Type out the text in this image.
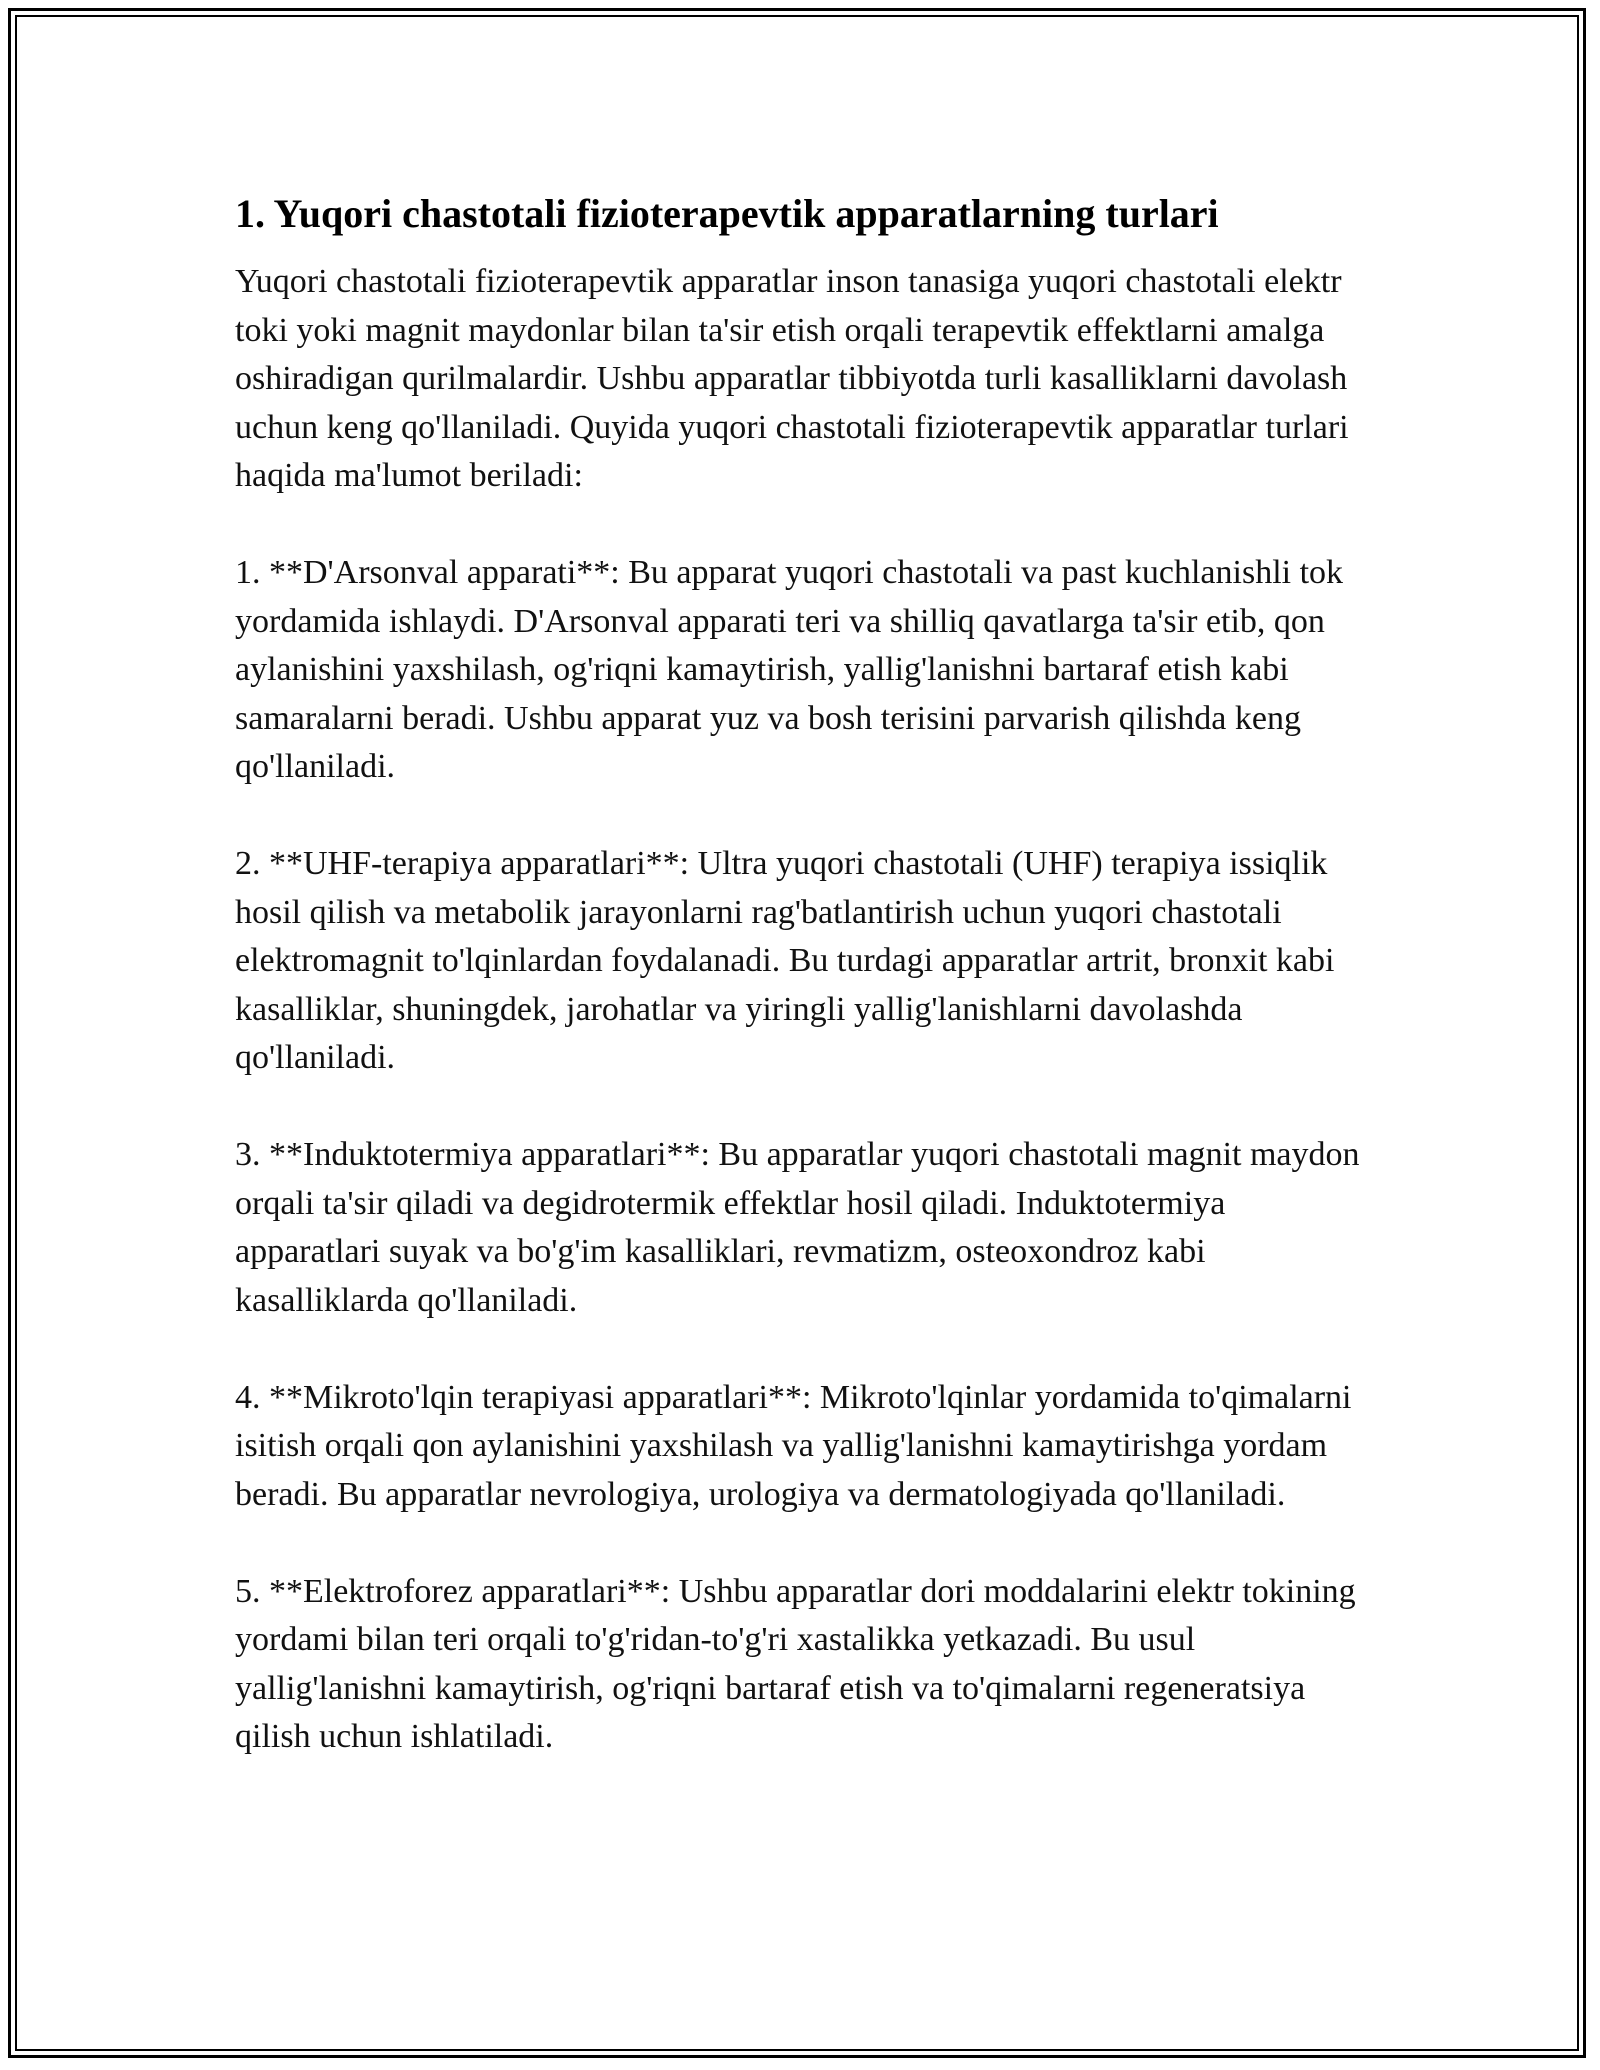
1. Yuqori chastotali fizioterapevtik apparatlarning turlari

Yuqori chastotali fizioterapevtik apparatlar inson tanasiga yuqori chastotali elektr toki yoki magnit maydonlar bilan ta'sir etish orqali terapevtik effektlarni amalga oshiradigan qurilmalardir. Ushbu apparatlar tibbiyotda turli kasalliklarni davolash uchun keng qo'llaniladi. Quyida yuqori chastotali fizioterapevtik apparatlar turlari haqida ma'lumot beriladi:

1. **D'Arsonval apparati**: Bu apparat yuqori chastotali va past kuchlanishli tok yordamida ishlaydi. D'Arsonval apparati teri va shilliq qavatlarga ta'sir etib, qon aylanishini yaxshilash, og'riqni kamaytirish, yallig'lanishni bartaraf etish kabi samaralarni beradi. Ushbu apparat yuz va bosh terisini parvarish qilishda keng qo'llaniladi.

2. **UHF-terapiya apparatlari**: Ultra yuqori chastotali (UHF) terapiya issiqlik hosil qilish va metabolik jarayonlarni rag'batlantirish uchun yuqori chastotali elektromagnit to'lqinlardan foydalanadi. Bu turdagi apparatlar artrit, bronxit kabi kasalliklar, shuningdek, jarohatlar va yiringli yallig'lanishlarni davolashda qo'llaniladi.

3. **Induktotermiya apparatlari**: Bu apparatlar yuqori chastotali magnit maydon orqali ta'sir qiladi va degidrotermik effektlar hosil qiladi. Induktotermiya apparatlari suyak va bo'g'im kasalliklari, revmatizm, osteoxondroz kabi kasalliklarda qo'llaniladi.

4. **Mikroto'lqin terapiyasi apparatlari**: Mikroto'lqinlar yordamida to'qimalarni isitish orqali qon aylanishini yaxshilash va yallig'lanishni kamaytirishga yordam beradi. Bu apparatlar nevrologiya, urologiya va dermatologiyada qo'llaniladi.

5. **Elektroforez apparatlari**: Ushbu apparatlar dori moddalarini elektr tokining yordami bilan teri orqali to'g'ridan-to'g'ri xastalikka yetkazadi. Bu usul yallig'lanishni kamaytirish, og'riqni bartaraf etish va to'qimalarni regeneratsiya qilish uchun ishlatiladi.
